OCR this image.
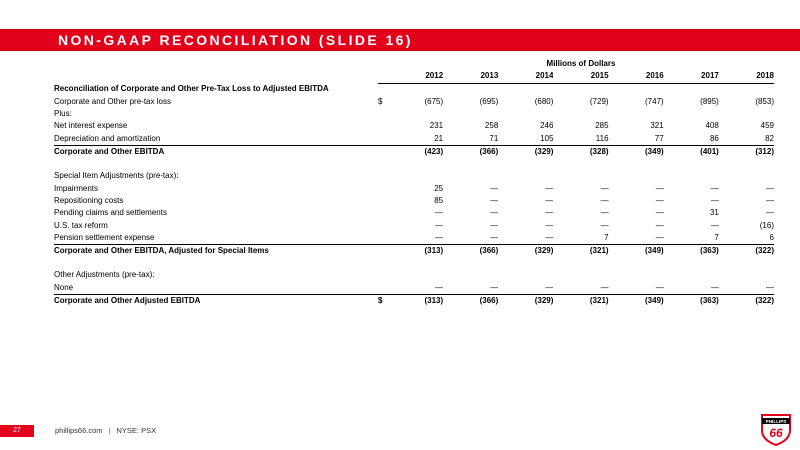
NON-GAAP RECONCILIATION (SLIDE 16)
		Millions of Dollars						
		2012	2013	2014	2015	2016	2017	2018
Reconciliation of Corporate and Other Pre-Tax Loss to Adjusted EBITDA								
Corporate and Other pre-tax loss	$	(675)	(695)	(680)	(729)	(747)	(895)	(853)
Plus:								
Net interest expense		231	258	246	285	321	408	459
Depreciation and amortization		21	71	105	116	77	86	82
Corporate and Other EBITDA		(423)	(366)	(329)	(328)	(349)	(401)	(312)

Special Item Adjustments (pre-tax):								
Impairments		25	—	—	—	—	—	—
Repositioning costs		85	—	—	—	—	—	—
Pending claims and settlements		—	—	—	—	—	31	—
U.S. tax reform		—	—	—	—	—	—	(16)
Pension settlement expense		—	—	—	7	—	7	6
Corporate and Other EBITDA, Adjusted for Special Items		(313)	(366)	(329)	(321)	(349)	(363)	(322)

Other Adjustments (pre-tax):								
None		—	—	—	—	—	—	—
Corporate and Other Adjusted EBITDA	$	(313)	(366)	(329)	(321)	(349)	(363)	(322)
27	phillips66.com | NYSE: PSX
PHILLIPS
66
